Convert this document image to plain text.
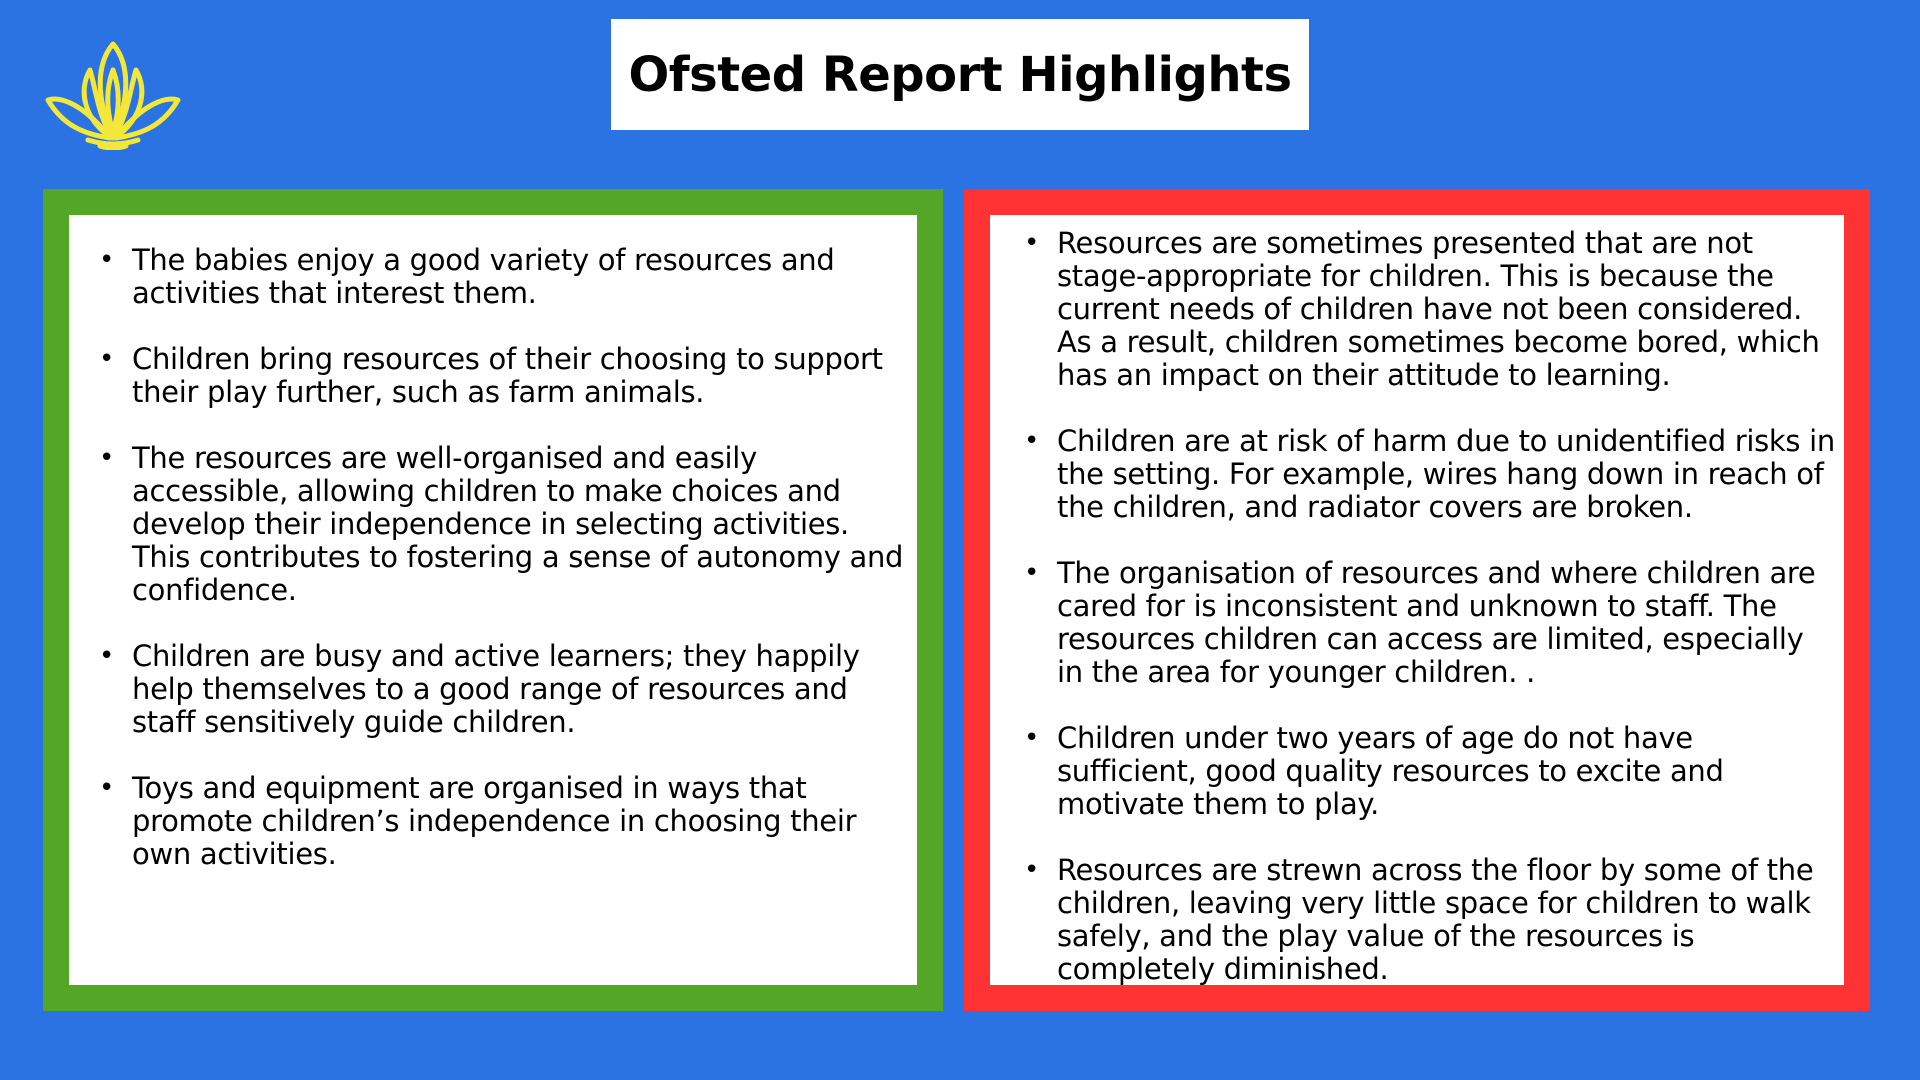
Ofsted Report Highlights
• The babies enjoy a good variety of resources and activities that interest them.
• Children bring resources of their choosing to support their play further, such as farm animals.
• The resources are well-organised and easily accessible, allowing children to make choices and develop their independence in selecting activities. This contributes to fostering a sense of autonomy and confidence.
• Children are busy and active learners; they happily help themselves to a good range of resources and staff sensitively guide children.
• Toys and equipment are organised in ways that promote children’s independence in choosing their own activities.
• Resources are sometimes presented that are not stage-appropriate for children. This is because the current needs of children have not been considered. As a result, children sometimes become bored, which has an impact on their attitude to learning.
• Children are at risk of harm due to unidentified risks in the setting. For example, wires hang down in reach of the children, and radiator covers are broken.
• The organisation of resources and where children are cared for is inconsistent and unknown to staff. The resources children can access are limited, especially in the area for younger children. .
• Children under two years of age do not have sufficient, good quality resources to excite and motivate them to play.
• Resources are strewn across the floor by some of the children, leaving very little space for children to walk safely, and the play value of the resources is completely diminished.
